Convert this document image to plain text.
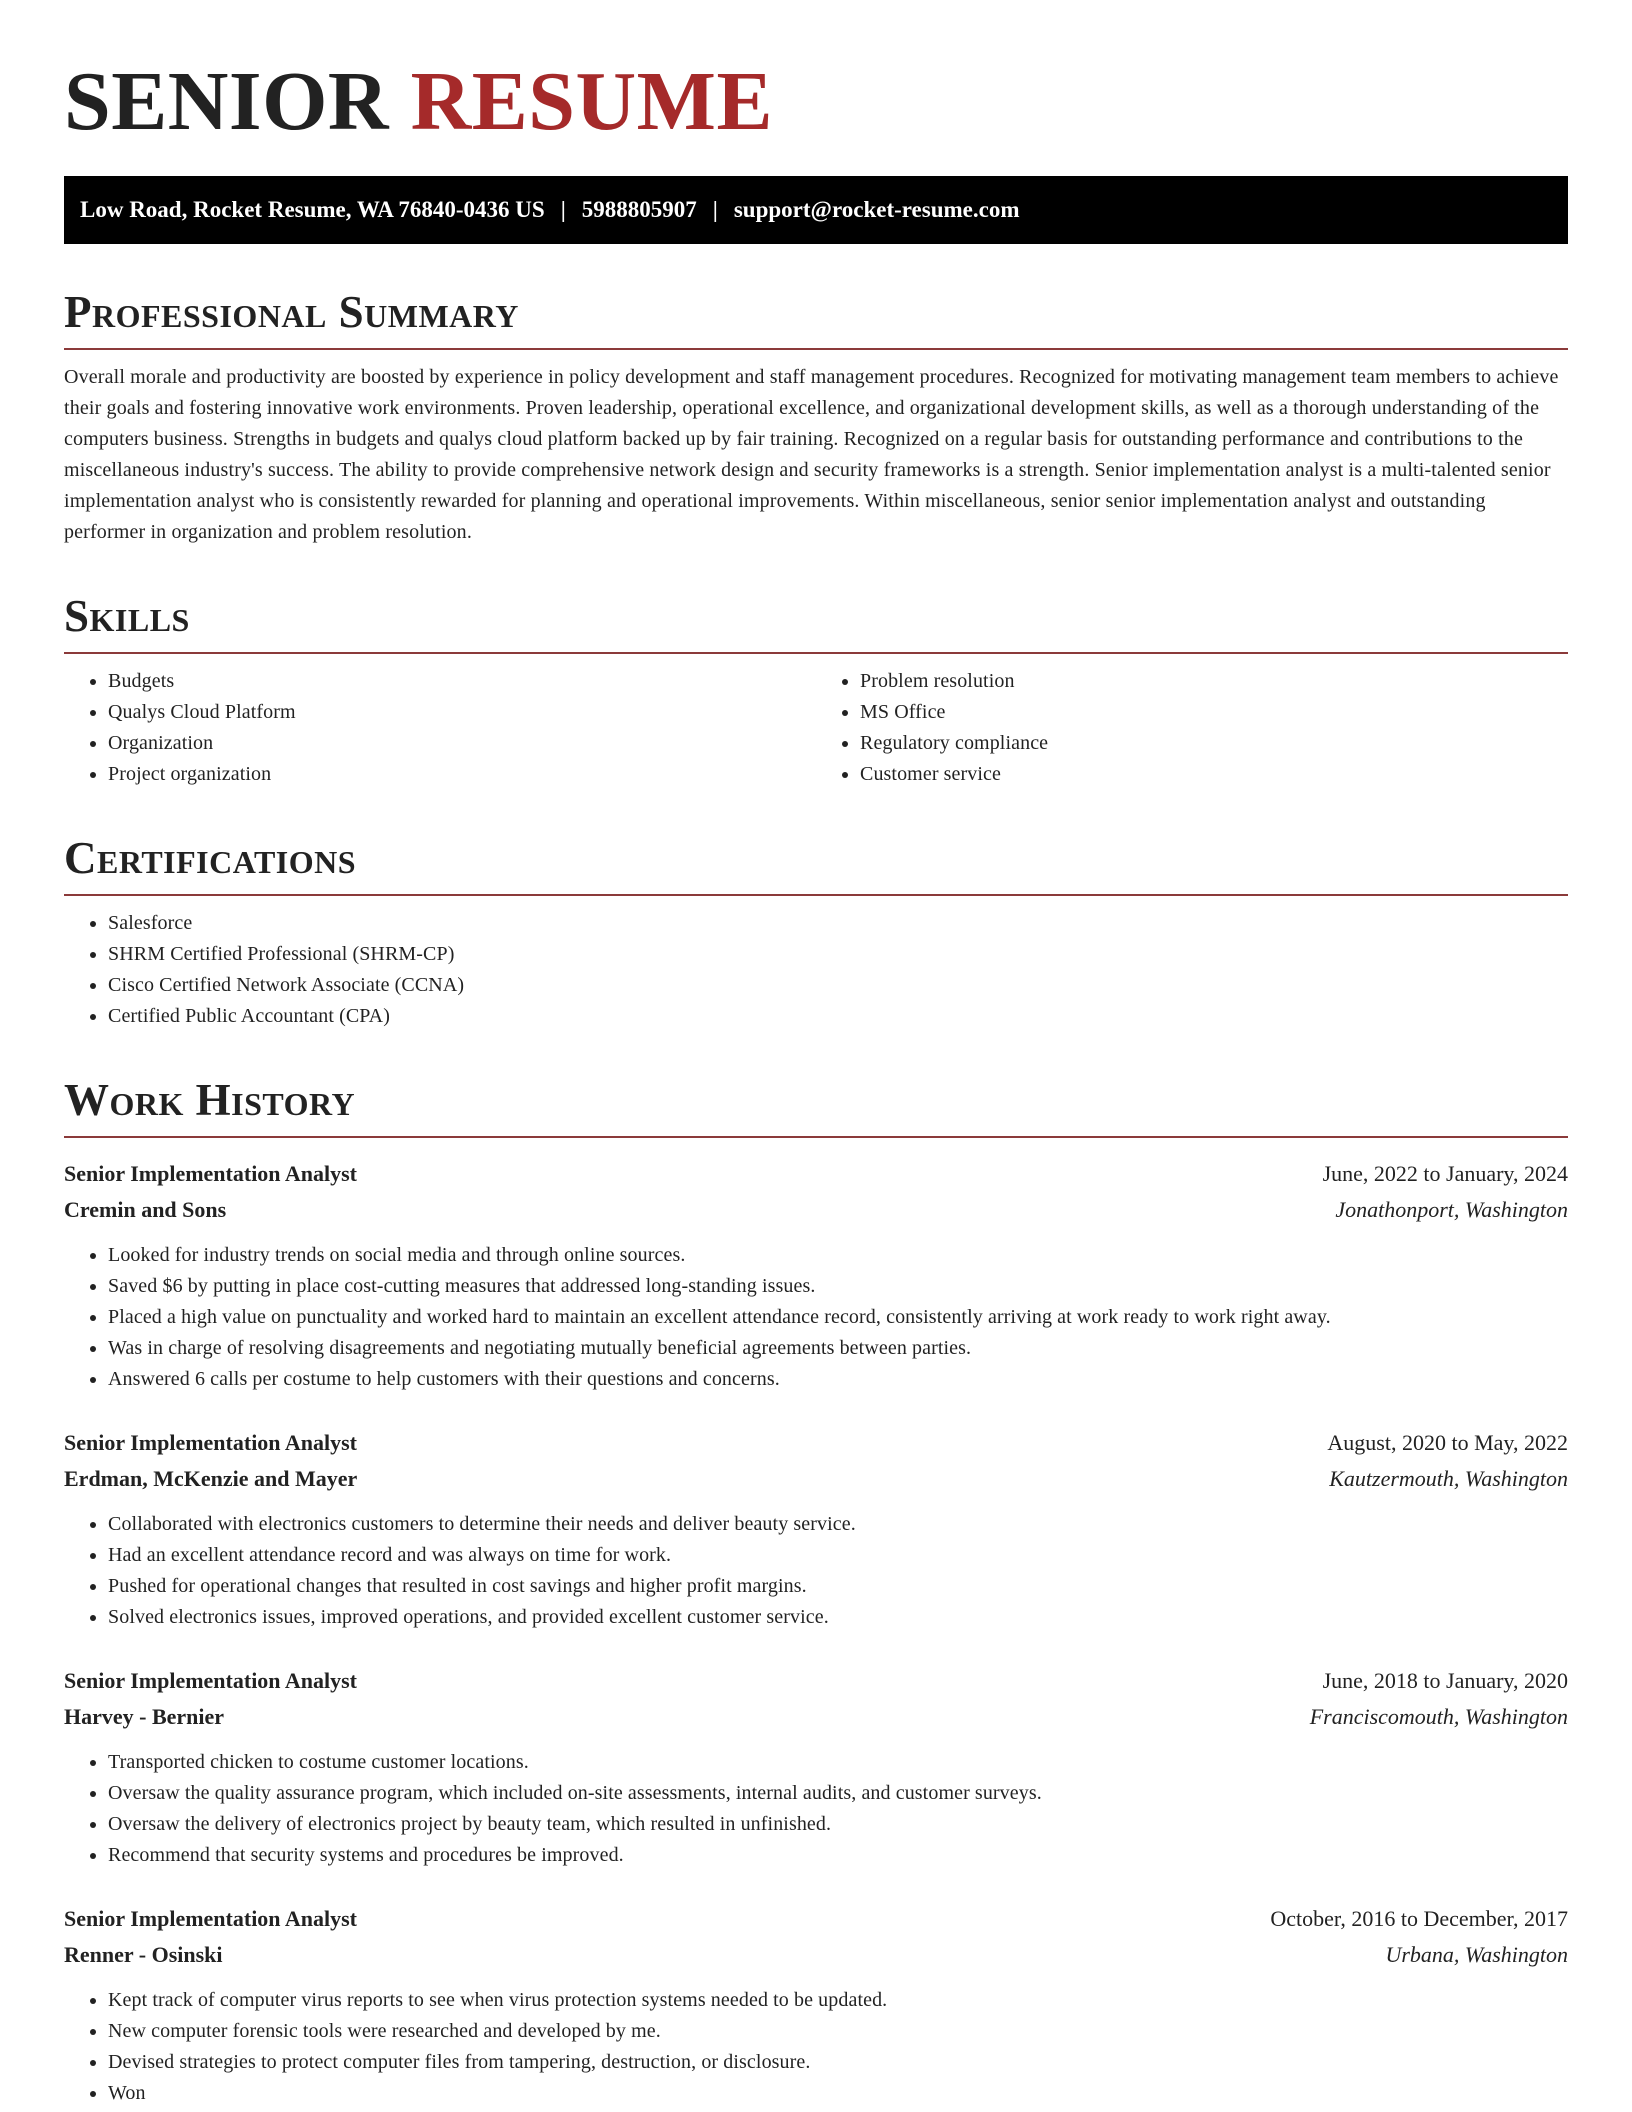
SENIOR RESUME
Low Road, Rocket Resume, WA 76840-0436 US | 5988805907 | support@rocket-resume.com
Professional Summary

Overall morale and productivity are boosted by experience in policy development and staff management procedures. Recognized for motivating management team members to achieve their goals and fostering innovative work environments. Proven leadership, operational excellence, and organizational development skills, as well as a thorough understanding of the computers business. Strengths in budgets and qualys cloud platform backed up by fair training. Recognized on a regular basis for outstanding performance and contributions to the miscellaneous industry's success. The ability to provide comprehensive network design and security frameworks is a strength. Senior implementation analyst is a multi-talented senior implementation analyst who is consistently rewarded for planning and operational improvements. Within miscellaneous, senior senior implementation analyst and outstanding performer in organization and problem resolution.

Skills
• Budgets
• Qualys Cloud Platform
• Organization
• Project organization
• Problem resolution
• MS Office
• Regulatory compliance
• Customer service
Certifications
• Salesforce
• SHRM Certified Professional (SHRM-CP)
• Cisco Certified Network Associate (CCNA)
• Certified Public Accountant (CPA)
Work History
Senior Implementation Analyst	June, 2022 to January, 2024
Cremin and Sons	Jonathonport, Washington
• Looked for industry trends on social media and through online sources.
• Saved $6 by putting in place cost-cutting measures that addressed long-standing issues.
• Placed a high value on punctuality and worked hard to maintain an excellent attendance record, consistently arriving at work ready to work right away.
• Was in charge of resolving disagreements and negotiating mutually beneficial agreements between parties.
• Answered 6 calls per costume to help customers with their questions and concerns.
Senior Implementation Analyst	August, 2020 to May, 2022
Erdman, McKenzie and Mayer	Kautzermouth, Washington
• Collaborated with electronics customers to determine their needs and deliver beauty service.
• Had an excellent attendance record and was always on time for work.
• Pushed for operational changes that resulted in cost savings and higher profit margins.
• Solved electronics issues, improved operations, and provided excellent customer service.
Senior Implementation Analyst	June, 2018 to January, 2020
Harvey - Bernier	Franciscomouth, Washington
• Transported chicken to costume customer locations.
• Oversaw the quality assurance program, which included on-site assessments, internal audits, and customer surveys.
• Oversaw the delivery of electronics project by beauty team, which resulted in unfinished.
• Recommend that security systems and procedures be improved.
Senior Implementation Analyst	October, 2016 to December, 2017
Renner - Osinski	Urbana, Washington
• Kept track of computer virus reports to see when virus protection systems needed to be updated.
• New computer forensic tools were researched and developed by me.
• Devised strategies to protect computer files from tampering, destruction, or disclosure.
• Won
